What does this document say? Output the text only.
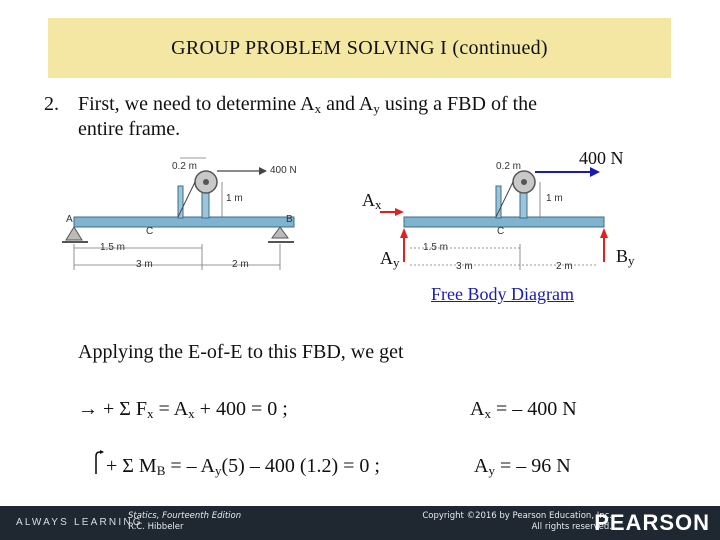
GROUP PROBLEM SOLVING I (continued)
2. First, we need to determine $A_x$ and $A_y$ using a FBD of the
entire frame.
0.2 m	400 N
1 m
A	B
C
1.5 m
3 m	2 m
0.2 m	400 N
1 m
C
1.5 m
3 m	2 m
$A_x$
$A_y$	$B_y$
Free Body Diagram
Applying the E-of-E to this FBD, we get
→ + Σ $F_x = A_x + 400 = 0$ ;	$A_x$ = – 400 N
+ Σ $M_B$ = – $A_y(5) - 400$ (1.2) = 0 ;	$A_y$ = – 96 N
ALWAYS LEARNING
Statics, Fourteenth Edition
R.C. Hibbeler
Copyright ©2016 by Pearson Education, Inc.
All rights reserved.
PEARSON
